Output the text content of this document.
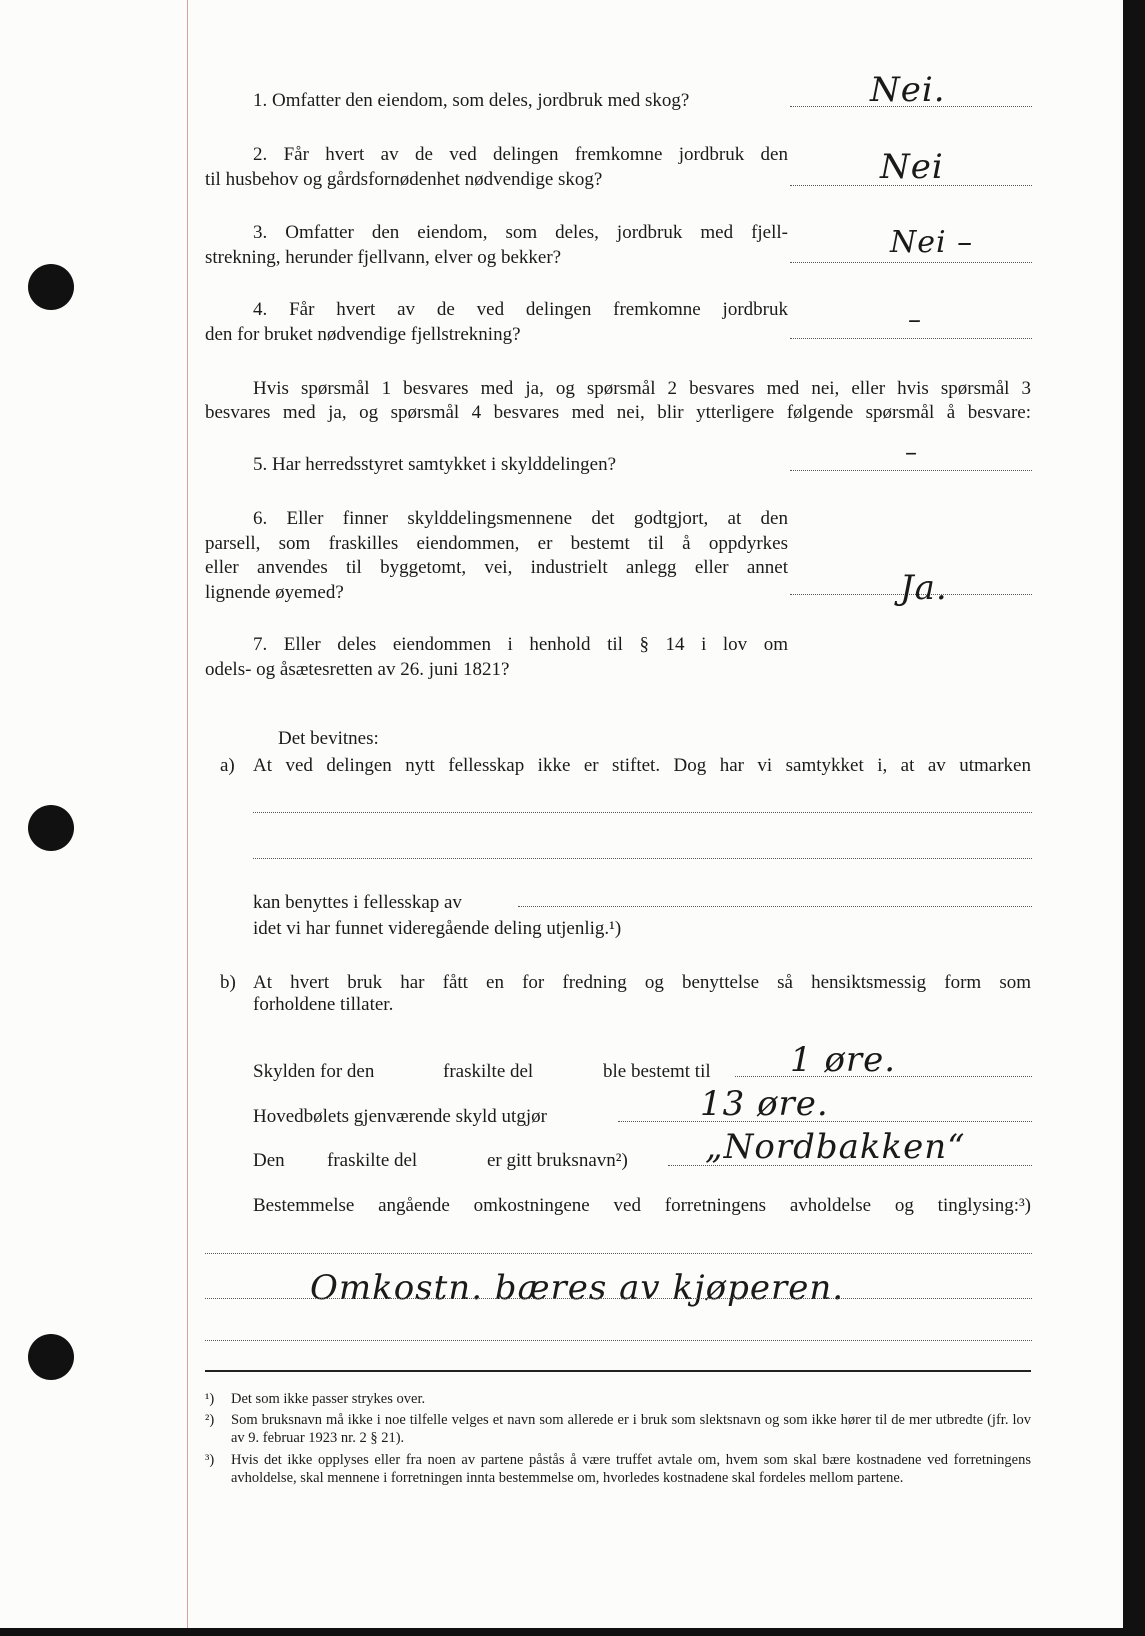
1. Omfatter den eiendom, som deles, jordbruk med skog?	Nei.
2. Får hvert av de ved delingen fremkomne jordbruk den
til husbehov og gårdsfornødenhet nødvendige skog?	Nei
3. Omfatter den eiendom, som deles, jordbruk med fjell-
strekning, herunder fjellvann, elver og bekker?	Nei –
4. Får hvert av de ved delingen fremkomne jordbruk
den for bruket nødvendige fjellstrekning?	–
Hvis spørsmål 1 besvares med ja, og spørsmål 2 besvares med nei, eller hvis spørsmål 3
besvares med ja, og spørsmål 4 besvares med nei, blir ytterligere følgende spørsmål å besvare:
5. Har herredsstyret samtykket i skylddelingen?	–
6. Eller finner skylddelingsmennene det godtgjort, at den
parsell, som fraskilles eiendommen, er bestemt til å oppdyrkes
eller anvendes til byggetomt, vei, industrielt anlegg eller annet
lignende øyemed?	Ja.
7. Eller deles eiendommen i henhold til § 14 i lov om
odels- og åsætesretten av 26. juni 1821?
Det bevitnes:
a) At ved delingen nytt fellesskap ikke er stiftet. Dog har vi samtykket i, at av utmarken
kan benyttes i fellesskap av
idet vi har funnet videregående deling utjenlig.¹)
b) At hvert bruk har fått en for fredning og benyttelse så hensiktsmessig form som
forholdene tillater.
Skylden for den	fraskilte del	ble bestemt til 1 øre.
Hovedbølets gjenværende skyld utgjør	13 øre.
Den fraskilte del	er gitt bruksnavn²) „Nordbakken“
Bestemmelse angående omkostningene ved forretningens avholdelse og tinglysing:³)
Omkostn. bæres av kjøperen.
¹) Det som ikke passer strykes over.
²) Som bruksnavn må ikke i noe tilfelle velges et navn som allerede er i bruk som slektsnavn og som ikke hører til de mer utbredte (jfr. lov av 9. februar 1923 nr. 2 § 21).
³) Hvis det ikke opplyses eller fra noen av partene påstås å være truffet avtale om, hvem som skal bære kostnadene ved forretningens avholdelse, skal mennene i forretningen innta bestemmelse om, hvorledes kostnadene skal fordeles mellom partene.
